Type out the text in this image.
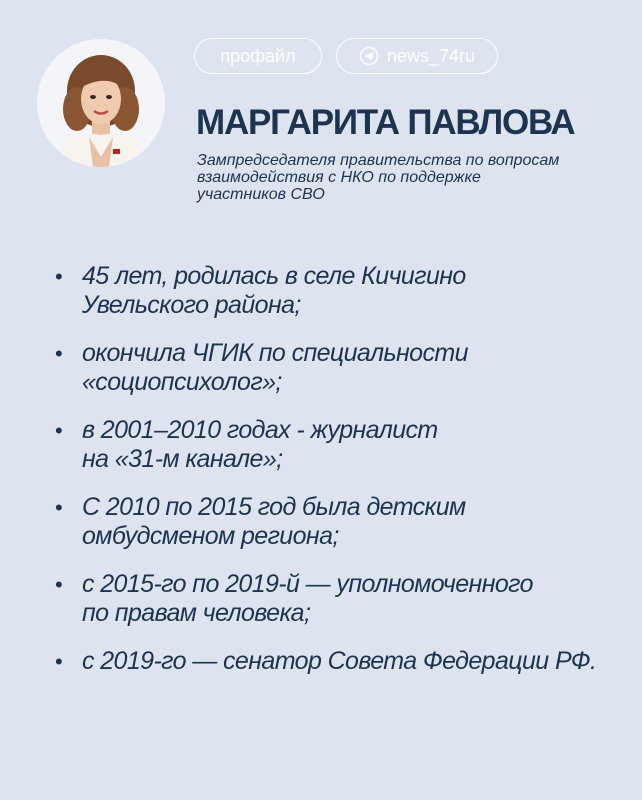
профайл	news_74ru
МАРГАРИТА ПАВЛОВА

Зампредседателя правительства по вопросам
взаимодействия с НКО по поддержке
участников СВО

• 45 лет, родилась в селе Кичигино
Увельского района;
• окончила ЧГИК по специальности
«социопсихолог»;
• в 2001–2010 годах - журналист
на «31-м канале»;
• С 2010 по 2015 год была детским
омбудсменом региона;
• с 2015-го по 2019-й — уполномоченного
по правам человека;
• с 2019-го — сенатор Совета Федерации РФ.
